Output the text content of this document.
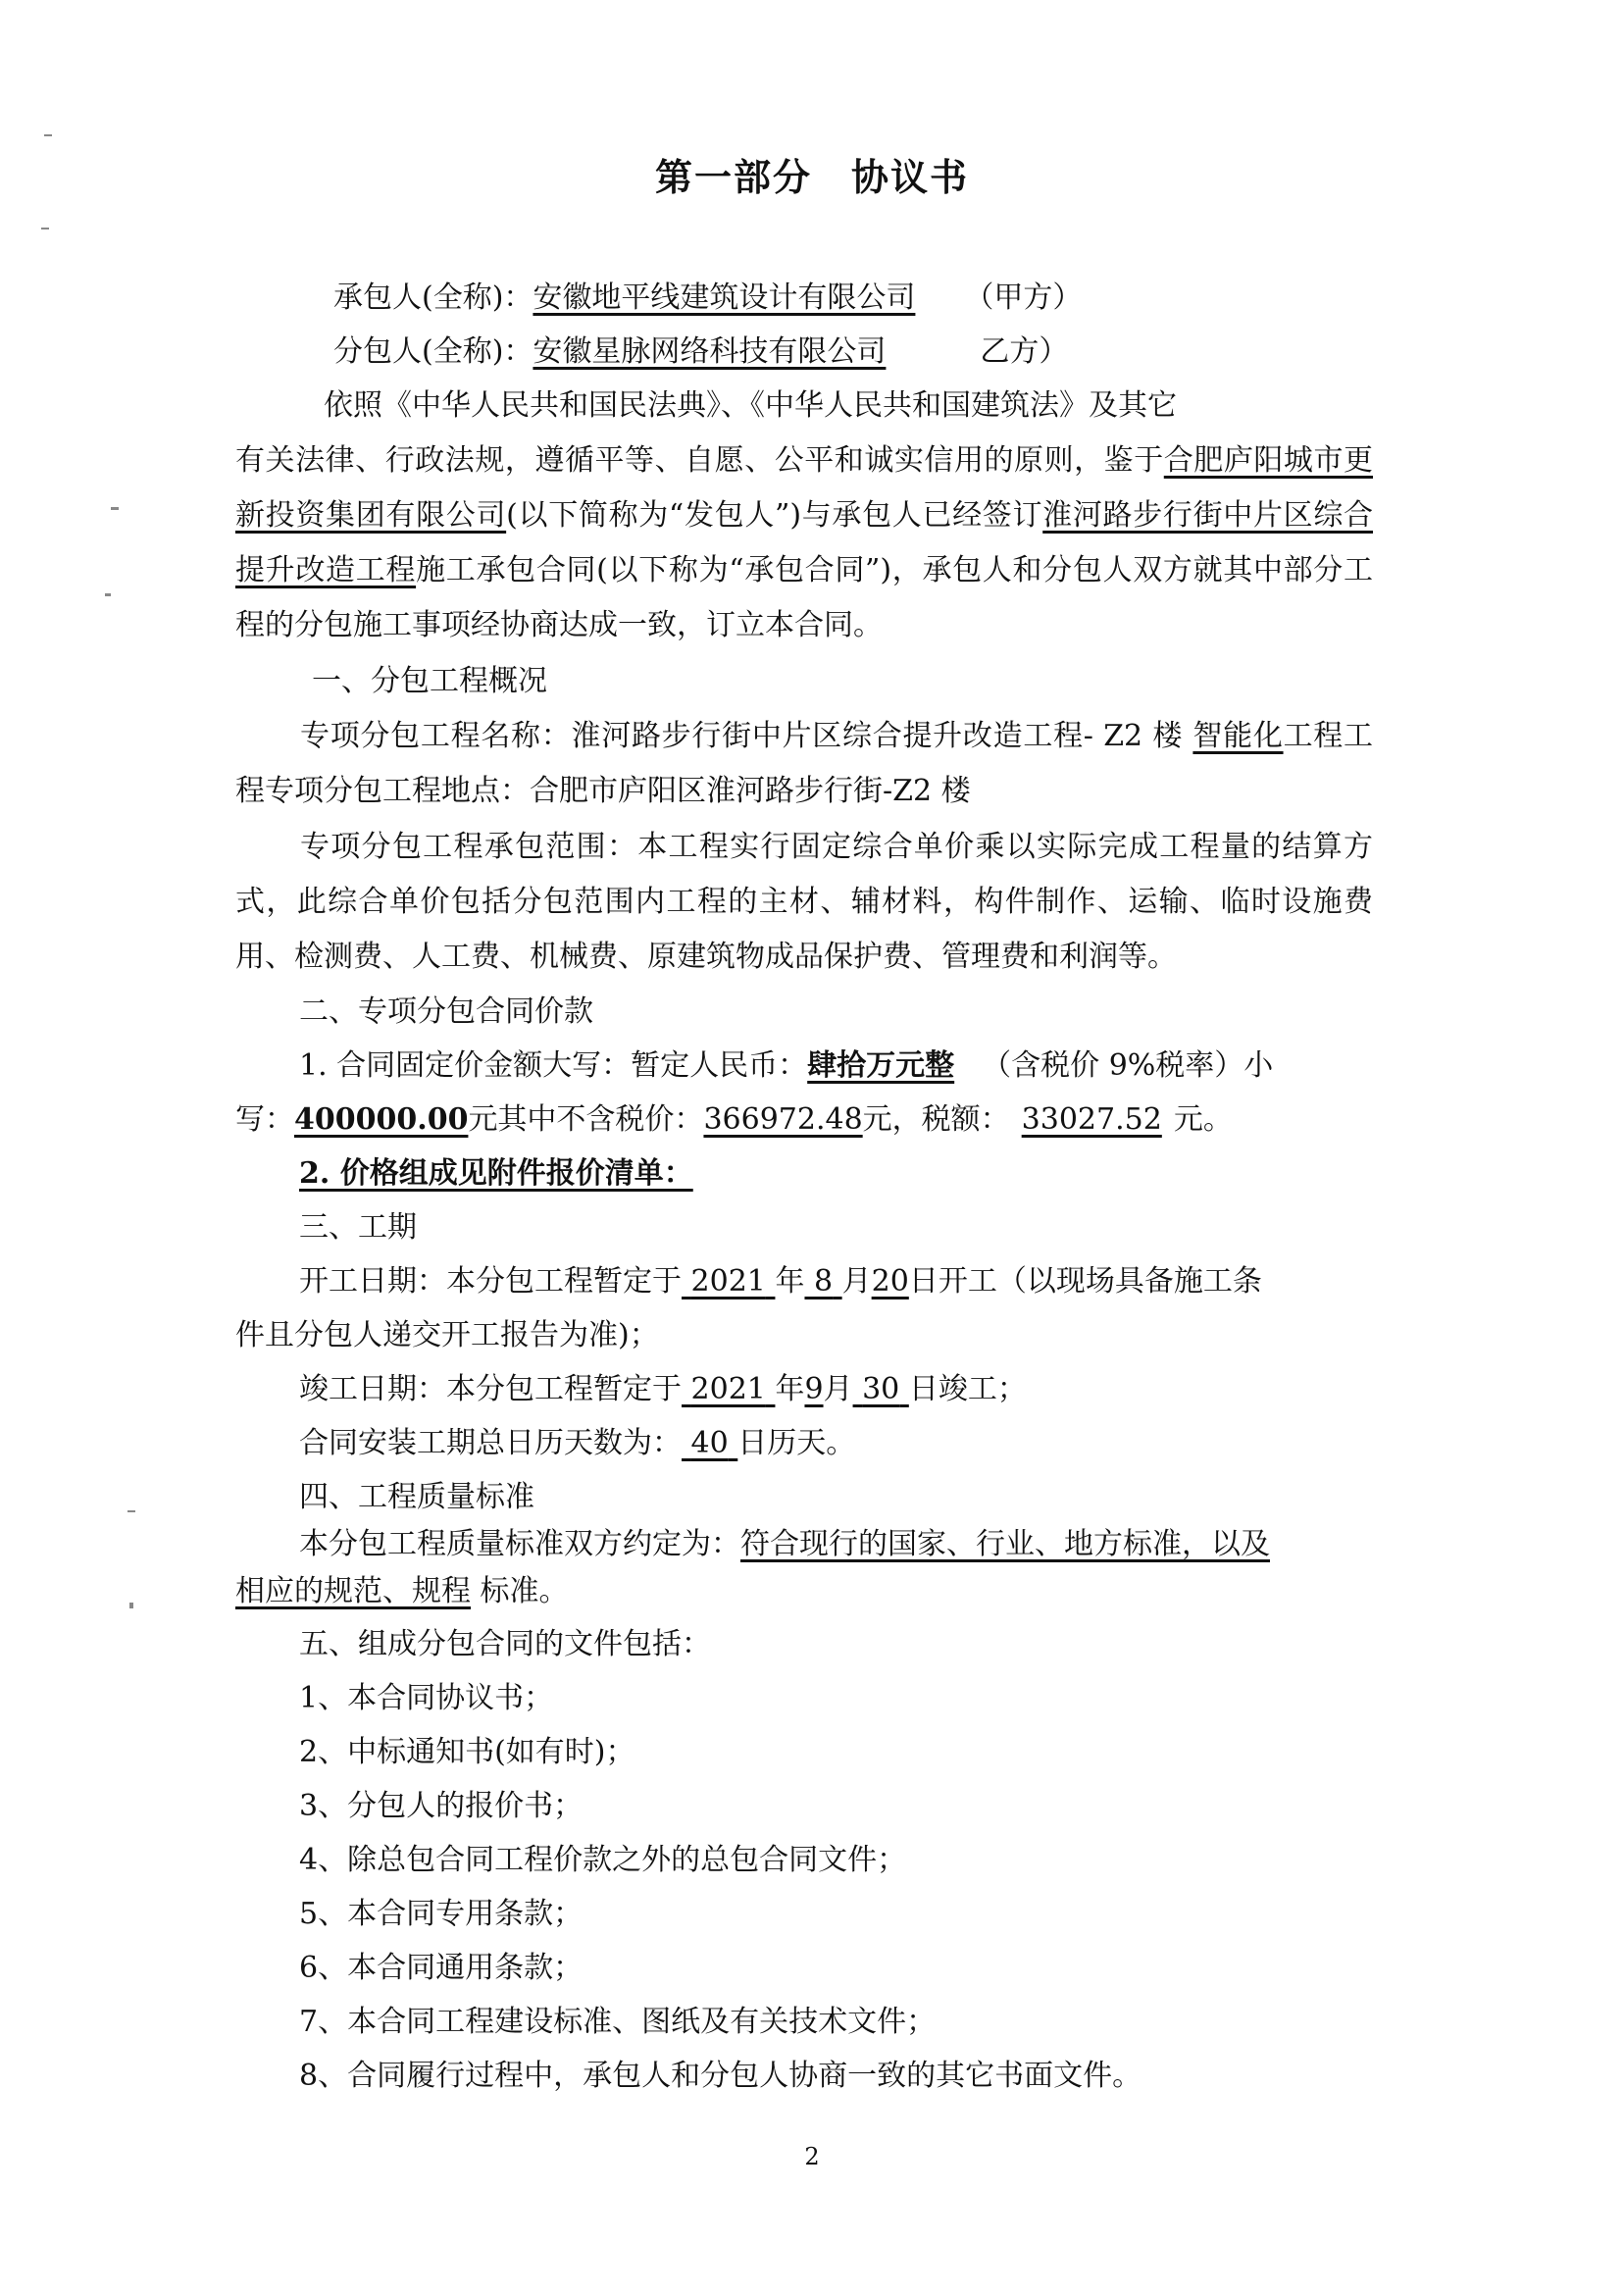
第一部分 协议书
承包人(全称)：安徽地平线建筑设计有限公司 （甲方）
分包人(全称)：安徽星脉网络科技有限公司	乙方）
依照《中华人民共和国民法典》、《中华人民共和国建筑法》及其它
有关法律、行政法规，遵循平等、自愿、公平和诚实信用的原则，鉴于合肥庐阳城市更新投资集团有限公司(以下简称为“发包人”)与承包人已经签订淮河路步行街中片区综合提升改造工程施工承包合同(以下称为“承包合同”)，承包人和分包人双方就其中部分工程的分包施工事项经协商达成一致，订立本合同。
一、分包工程概况
专项分包工程名称：淮河路步行街中片区综合提升改造工程- Z2 楼 智能化工程工程专项分包工程地点：合肥市庐阳区淮河路步行街-Z2 楼
专项分包工程承包范围：本工程实行固定综合单价乘以实际完成工程量的结算方式，此综合单价包括分包范围内工程的主材、辅材料，构件制作、运输、临时设施费用、检测费、人工费、机械费、原建筑物成品保护费、管理费和利润等。
二、专项分包合同价款
1. 合同固定价金额大写：暂定人民币：肆拾万元整 （含税价 9%税率）小
写：400000.00元其中不含税价：366972.48元，税额： 33027.52 元。
2. 价格组成见附件报价清单：
三、工期
开工日期：本分包工程暂定于 2021 年 8 月20日开工（以现场具备施工条
件且分包人递交开工报告为准)；
竣工日期：本分包工程暂定于 2021 年9月 30 日竣工；
合同安装工期总日历天数为： 40 日历天。
四、工程质量标准
本分包工程质量标准双方约定为：符合现行的国家、行业、地方标准，以及
相应的规范、规程 标准。
五、组成分包合同的文件包括：
1、本合同协议书；
2、中标通知书(如有时)；
3、分包人的报价书；
4、除总包合同工程价款之外的总包合同文件；
5、本合同专用条款；
6、本合同通用条款；
7、本合同工程建设标准、图纸及有关技术文件；
8、合同履行过程中，承包人和分包人协商一致的其它书面文件。
2
